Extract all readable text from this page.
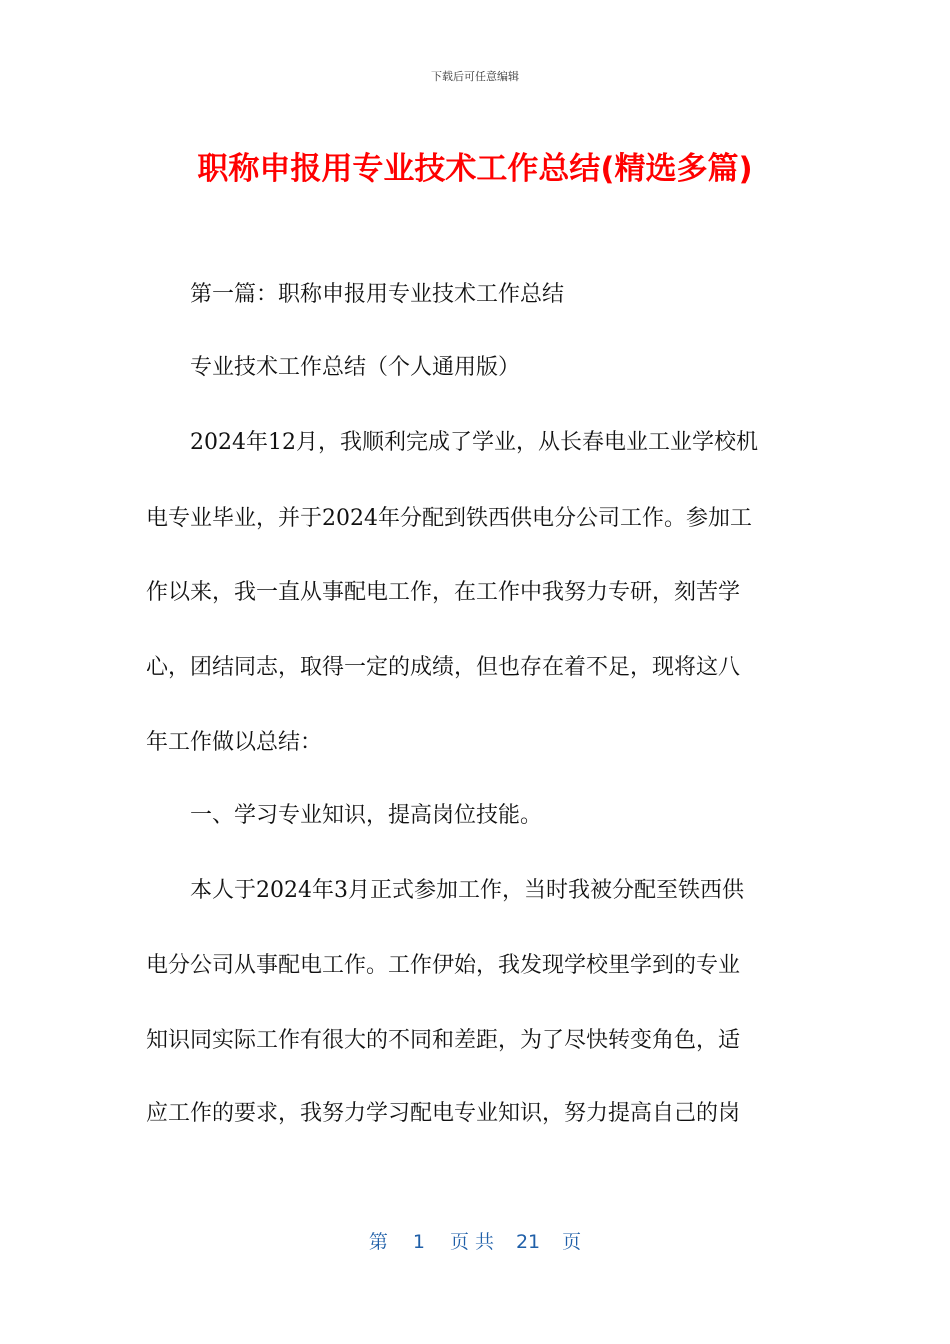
下载后可任意编辑
职称申报用专业技术工作总结(精选多篇)
　　第一篇：职称申报用专业技术工作总结
　　专业技术工作总结（个人通用版）
　　2024年12月，我顺利完成了学业，从长春电业工业学校机
电专业毕业，并于2024年分配到铁西供电分公司工作。参加工
作以来，我一直从事配电工作，在工作中我努力专研，刻苦学
心，团结同志，取得一定的成绩，但也存在着不足，现将这八
年工作做以总结：
　　一、学习专业知识，提高岗位技能。
　　本人于2024年3月正式参加工作，当时我被分配至铁西供
电分公司从事配电工作。工作伊始，我发现学校里学到的专业
知识同实际工作有很大的不同和差距，为了尽快转变角色，适
应工作的要求，我努力学习配电专业知识，努力提高自己的岗
第 1 页 共 21 页
